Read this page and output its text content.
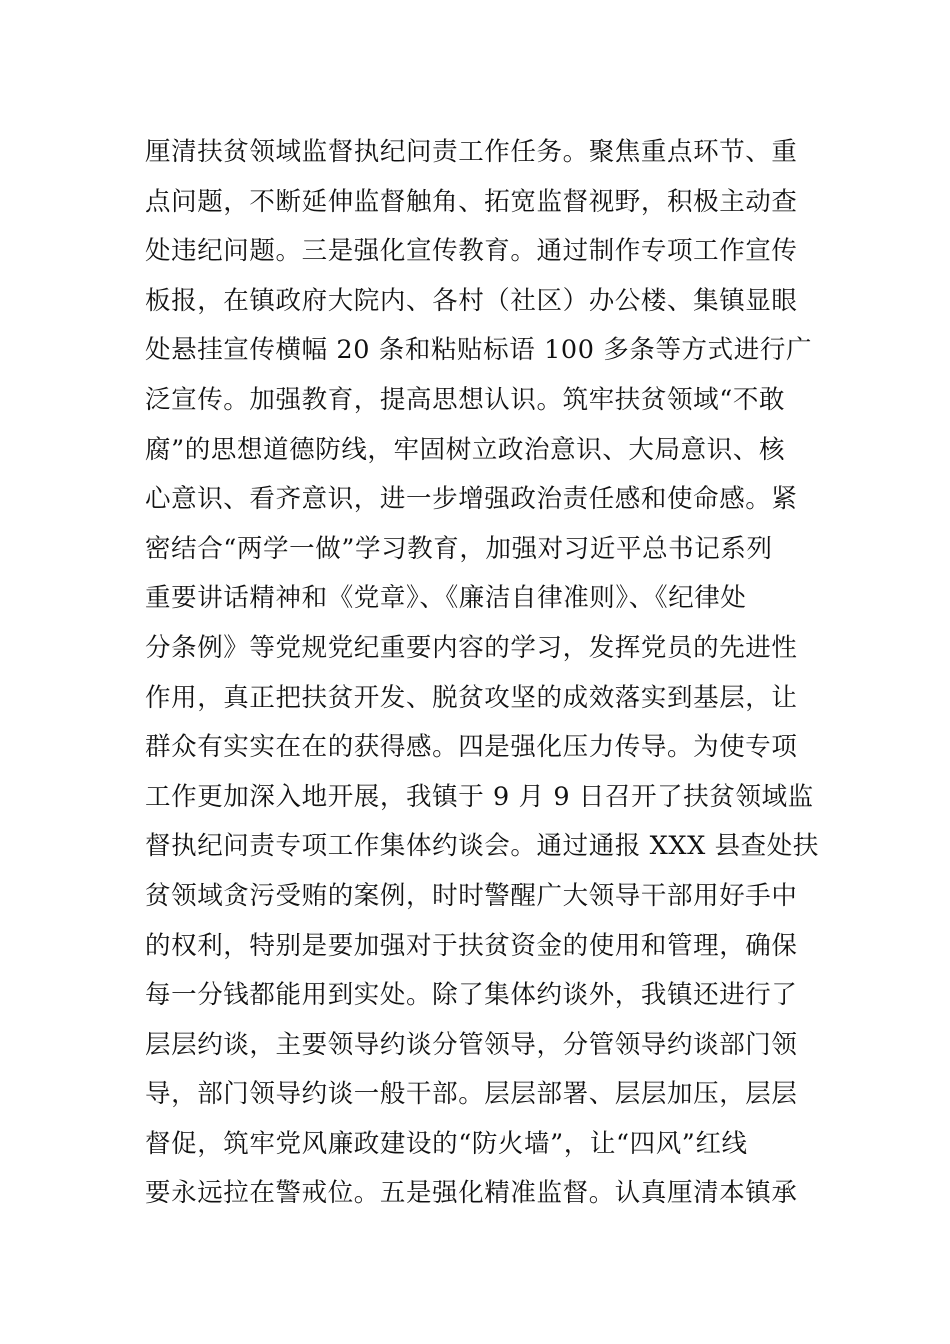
厘清扶贫领域监督执纪问责工作任务。聚焦重点环节、重
点问题，不断延伸监督触角、拓宽监督视野，积极主动查
处违纪问题。三是强化宣传教育。通过制作专项工作宣传
板报，在镇政府大院内、各村（社区）办公楼、集镇显眼
处悬挂宣传横幅 20 条和粘贴标语 100 多条等方式进行广
泛宣传。加强教育，提高思想认识。筑牢扶贫领域“不敢
腐”的思想道德防线，牢固树立政治意识、大局意识、核
心意识、看齐意识，进一步增强政治责任感和使命感。紧
密结合“两学一做”学习教育，加强对习近平总书记系列
重要讲话精神和《党章》、《廉洁自律准则》、《纪律处
分条例》等党规党纪重要内容的学习，发挥党员的先进性
作用，真正把扶贫开发、脱贫攻坚的成效落实到基层，让
群众有实实在在的获得感。四是强化压力传导。为使专项
工作更加深入地开展，我镇于 9 月 9 日召开了扶贫领域监
督执纪问责专项工作集体约谈会。通过通报 XXX 县查处扶
贫领域贪污受贿的案例，时时警醒广大领导干部用好手中
的权利，特别是要加强对于扶贫资金的使用和管理，确保
每一分钱都能用到实处。除了集体约谈外，我镇还进行了
层层约谈，主要领导约谈分管领导，分管领导约谈部门领
导，部门领导约谈一般干部。层层部署、层层加压，层层
督促，筑牢党风廉政建设的“防火墙”，让“四风”红线
要永远拉在警戒位。五是强化精准监督。认真厘清本镇承
